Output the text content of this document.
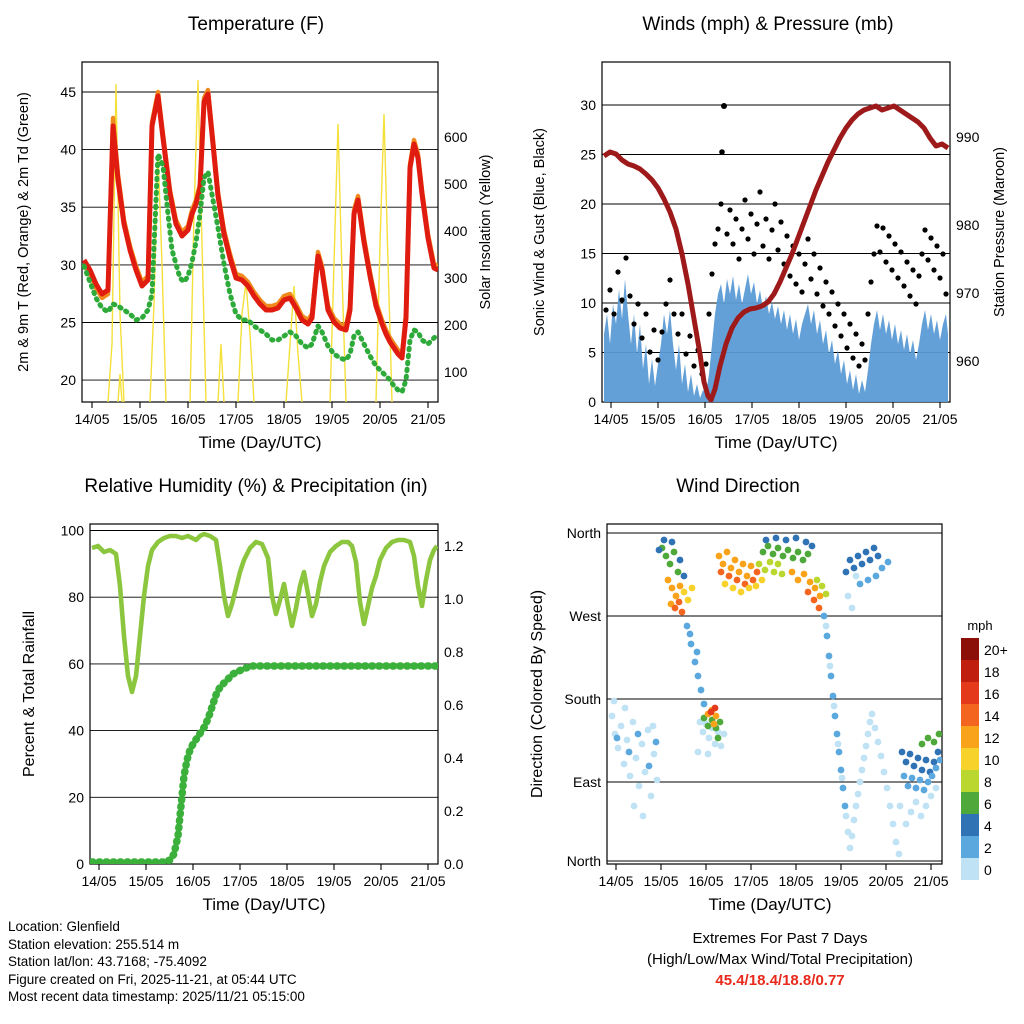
Temperature (F)
20
25
30
35
40
45
100
200
300
400
500
600
14/05 15/05 16/05 17/05 18/05 19/05 20/05 21/05
Time (Day/UTC)
2m & 9m T (Red, Orange) & 2m Td (Green)	Solar Insolation (Yellow)
Winds (mph) & Pressure (mb)
0
5
10
15
20
25
30
960
970
980
990
14/05 15/05 16/05 17/05 18/05 19/05 20/05 21/05
Time (Day/UTC)
Sonic Wind & Gust (Blue, Black)	Station Pressure (Maroon)
Relative Humidity (%) & Precipitation (in)
0
20
40
60
80
100
0.0
0.2
0.4
0.6
0.8
1.0
1.2
14/05 15/05 16/05 17/05 18/05 19/05 20/05 21/05
Time (Day/UTC)
Percent & Total Rainfall
Wind Direction
North
West
South
East
North
14/05 15/05 16/05 17/05 18/05 19/05 20/05 21/05
Time (Day/UTC)
Direction (Colored By Speed)	mph
20+
18
16
14
12
10
8
6
4
2
0
Location: Glenfield
Station elevation: 255.514 m
Station lat/lon: 43.7168; -75.4092
Figure created on Fri, 2025-11-21, at 05:44 UTC
Most recent data timestamp: 2025/11/21 05:15:00
Extremes For Past 7 Days
(High/Low/Max Wind/Total Precipitation)
45.4/18.4/18.8/0.77
